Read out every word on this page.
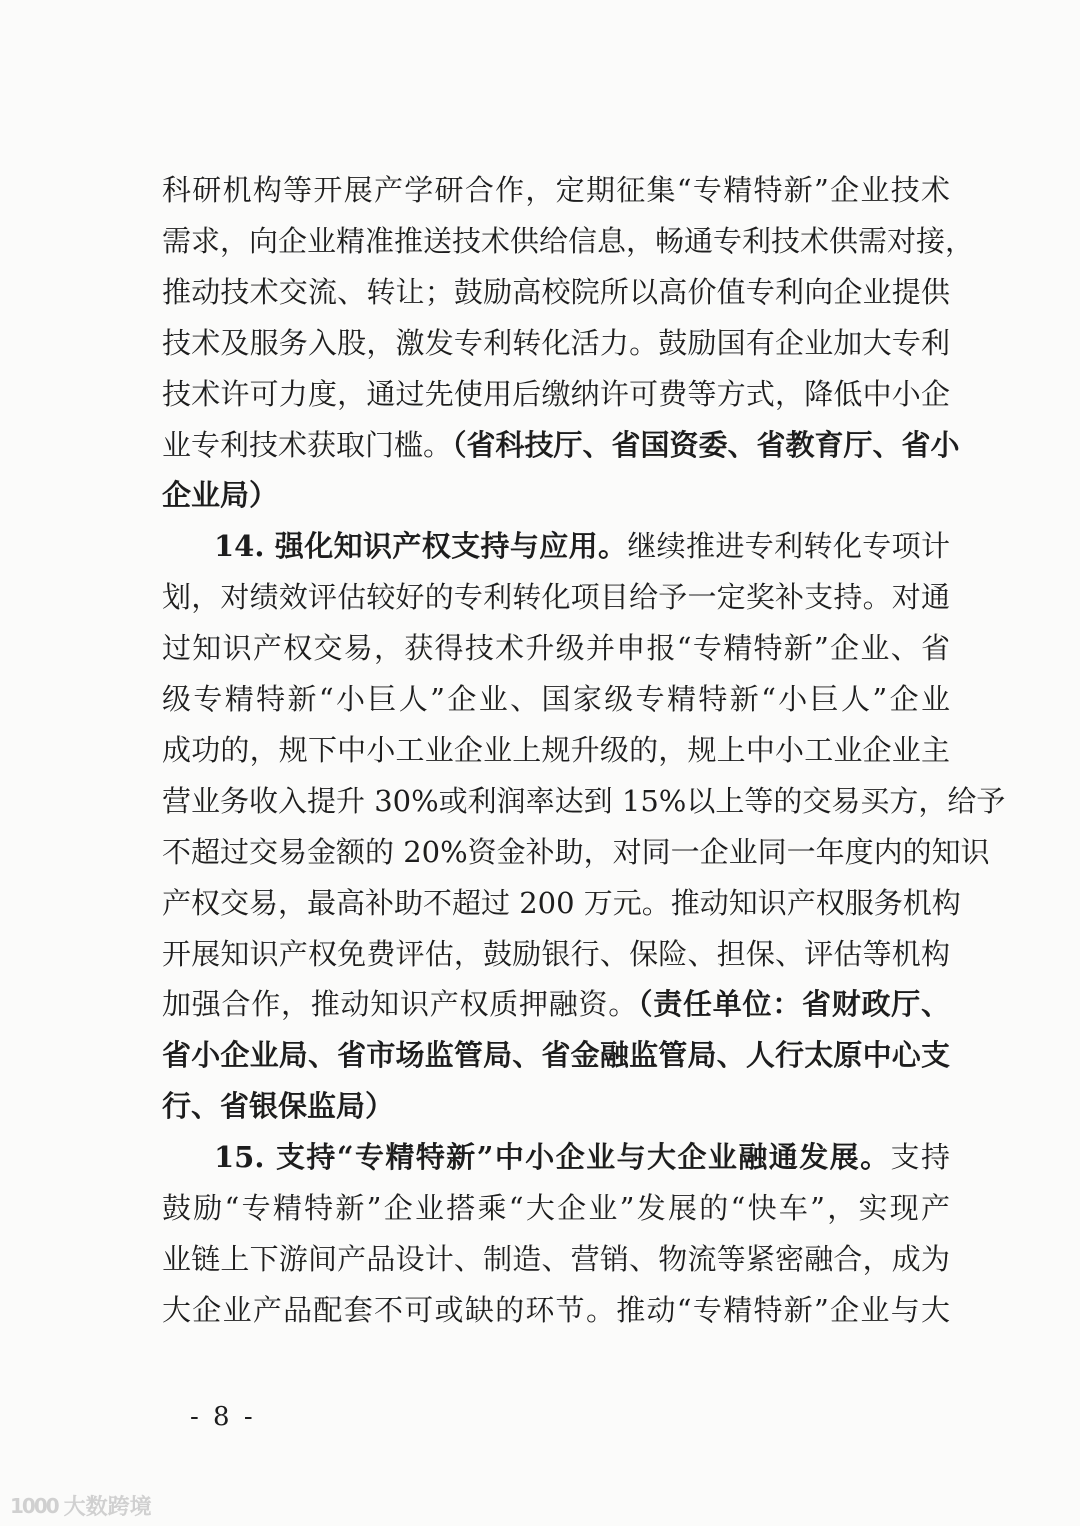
科研机构等开展产学研合作，定期征集“专精特新”企业技术
需求，向企业精准推送技术供给信息，畅通专利技术供需对接，
推动技术交流、转让；鼓励高校院所以高价值专利向企业提供
技术及服务入股，激发专利转化活力。鼓励国有企业加大专利
技术许可力度，通过先使用后缴纳许可费等方式，降低中小企
业专利技术获取门槛。（省科技厅、省国资委、省教育厅、省小
企业局）
14. 强化知识产权支持与应用。继续推进专利转化专项计
划，对绩效评估较好的专利转化项目给予一定奖补支持。对通
过知识产权交易，获得技术升级并申报“专精特新”企业、省
级专精特新“小巨人”企业、国家级专精特新“小巨人”企业
成功的，规下中小工业企业上规升级的，规上中小工业企业主
营业务收入提升 30%或利润率达到 15%以上等的交易买方，给予
不超过交易金额的 20%资金补助，对同一企业同一年度内的知识
产权交易，最高补助不超过 200 万元。推动知识产权服务机构
开展知识产权免费评估，鼓励银行、保险、担保、评估等机构
加强合作，推动知识产权质押融资。（责任单位：省财政厅、
省小企业局、省市场监管局、省金融监管局、人行太原中心支
行、省银保监局）
15. 支持“专精特新”中小企业与大企业融通发展。支持
鼓励“专精特新”企业搭乘“大企业”发展的“快车”，实现产
业链上下游间产品设计、制造、营销、物流等紧密融合，成为
大企业产品配套不可或缺的环节。推动“专精特新”企业与大
- 8 -
1000 大数跨境
